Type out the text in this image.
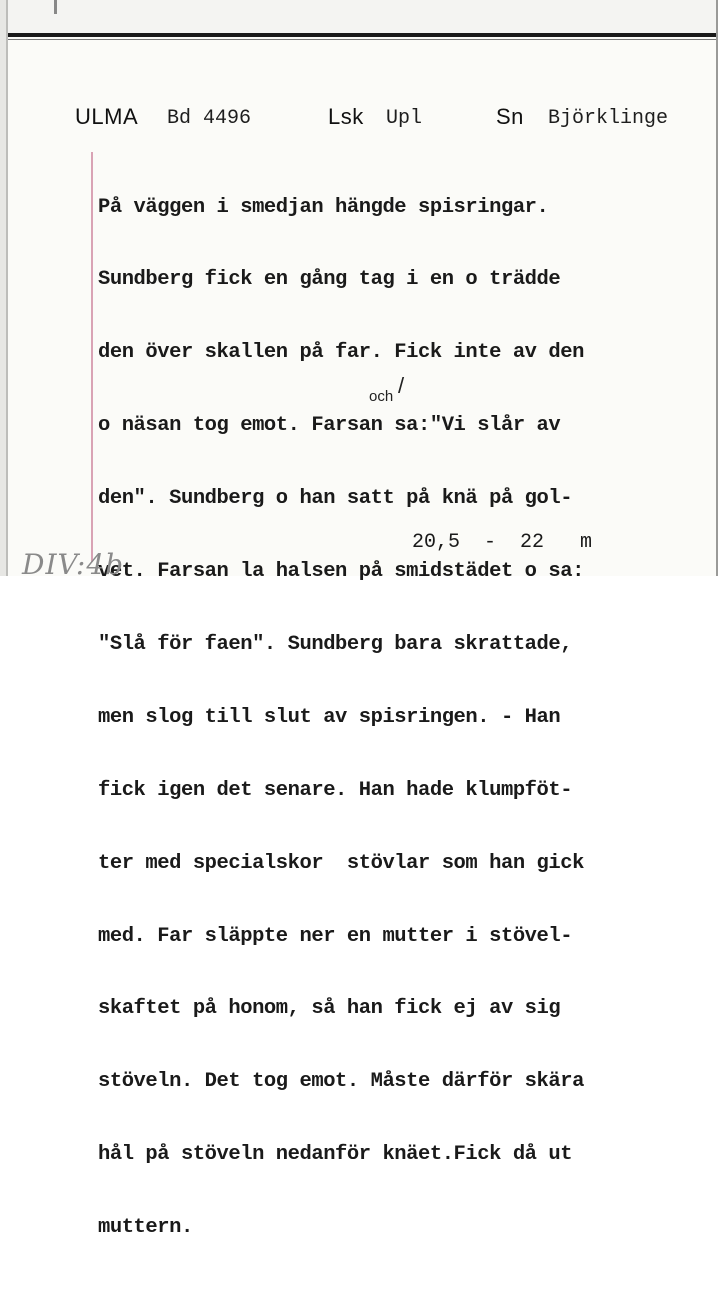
ULMA Bd 4496	Lsk Upl	Sn Björklinge

På väggen i smedjan hängde spisringar.

Sundberg fick en gång tag i en o trädde

den över skallen på far. Fick inte av den

o näsan tog emot. Farsan sa:"Vi slår av

den". Sundberg o han satt på knä på gol-

vet. Farsan la halsen på smidstädet o sa:

"Slå för faen". Sundberg bara skrattade,

men slog till slut av spisringen. - Han

fick igen det senare. Han hade klumpföt-

ter med specialskor  stövlar som han gick

med. Far släppte ner en mutter i stövel-

skaftet på honom, så han fick ej av sig

stöveln. Det tog emot. Måste därför skära

hål på stöveln nedanför knäet.Fick då ut

muttern.

/
och
20,5  -  22   m
DIV:4b
